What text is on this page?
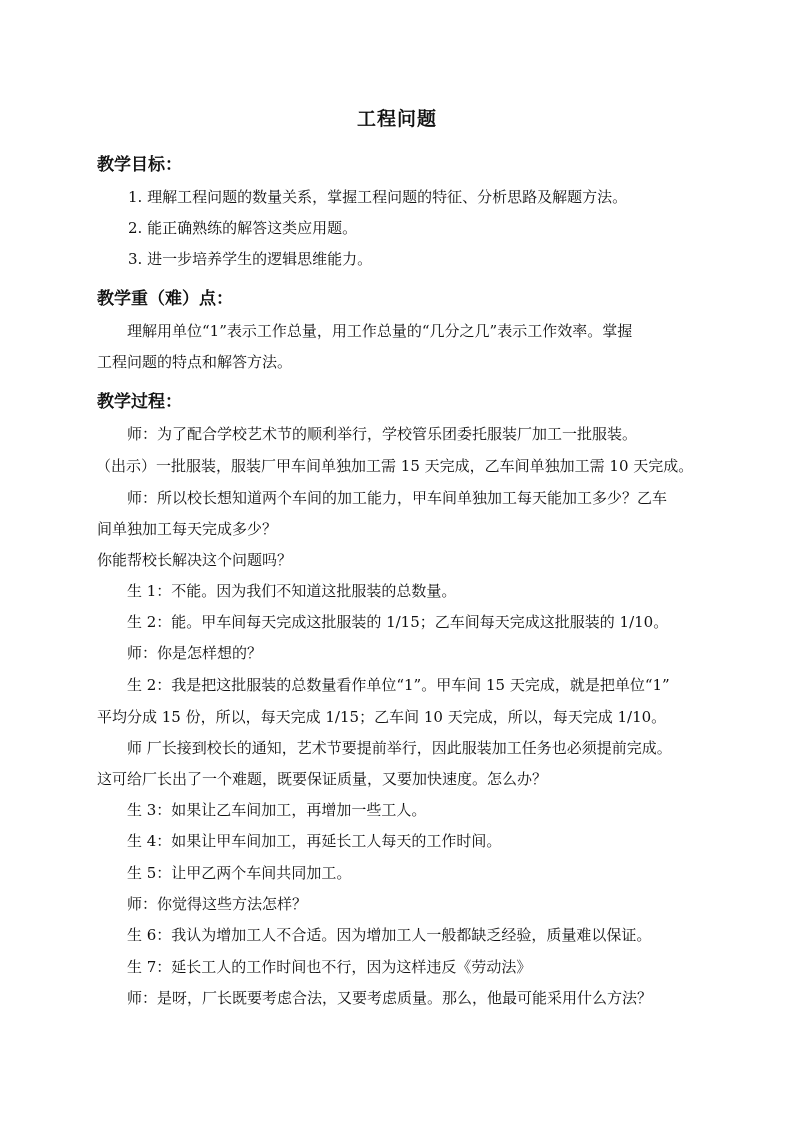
工程问题
教学目标：
1. 理解工程问题的数量关系，掌握工程问题的特征、分析思路及解题方法。
2. 能正确熟练的解答这类应用题。
3. 进一步培养学生的逻辑思维能力。
教学重（难）点：
理解用单位“1”表示工作总量，用工作总量的“几分之几”表示工作效率。掌握
工程问题的特点和解答方法。
教学过程：
师：为了配合学校艺术节的顺利举行，学校管乐团委托服装厂加工一批服装。
（出示）一批服装，服装厂甲车间单独加工需 15 天完成，乙车间单独加工需 10 天完成。
师：所以校长想知道两个车间的加工能力，甲车间单独加工每天能加工多少？乙车
间单独加工每天完成多少？
你能帮校长解决这个问题吗？
生 1：不能。因为我们不知道这批服装的总数量。
生 2：能。甲车间每天完成这批服装的 1/15；乙车间每天完成这批服装的 1/10。
师：你是怎样想的？
生 2：我是把这批服装的总数量看作单位“1”。甲车间 15 天完成，就是把单位“1”
平均分成 15 份，所以，每天完成 1/15；乙车间 10 天完成，所以，每天完成 1/10。
师 厂长接到校长的通知，艺术节要提前举行，因此服装加工任务也必须提前完成。
这可给厂长出了一个难题，既要保证质量，又要加快速度。怎么办？
生 3：如果让乙车间加工，再增加一些工人。
生 4：如果让甲车间加工，再延长工人每天的工作时间。
生 5：让甲乙两个车间共同加工。
师：你觉得这些方法怎样？
生 6：我认为增加工人不合适。因为增加工人一般都缺乏经验，质量难以保证。
生 7：延长工人的工作时间也不行，因为这样违反《劳动法》
师：是呀，厂长既要考虑合法，又要考虑质量。那么，他最可能采用什么方法？
